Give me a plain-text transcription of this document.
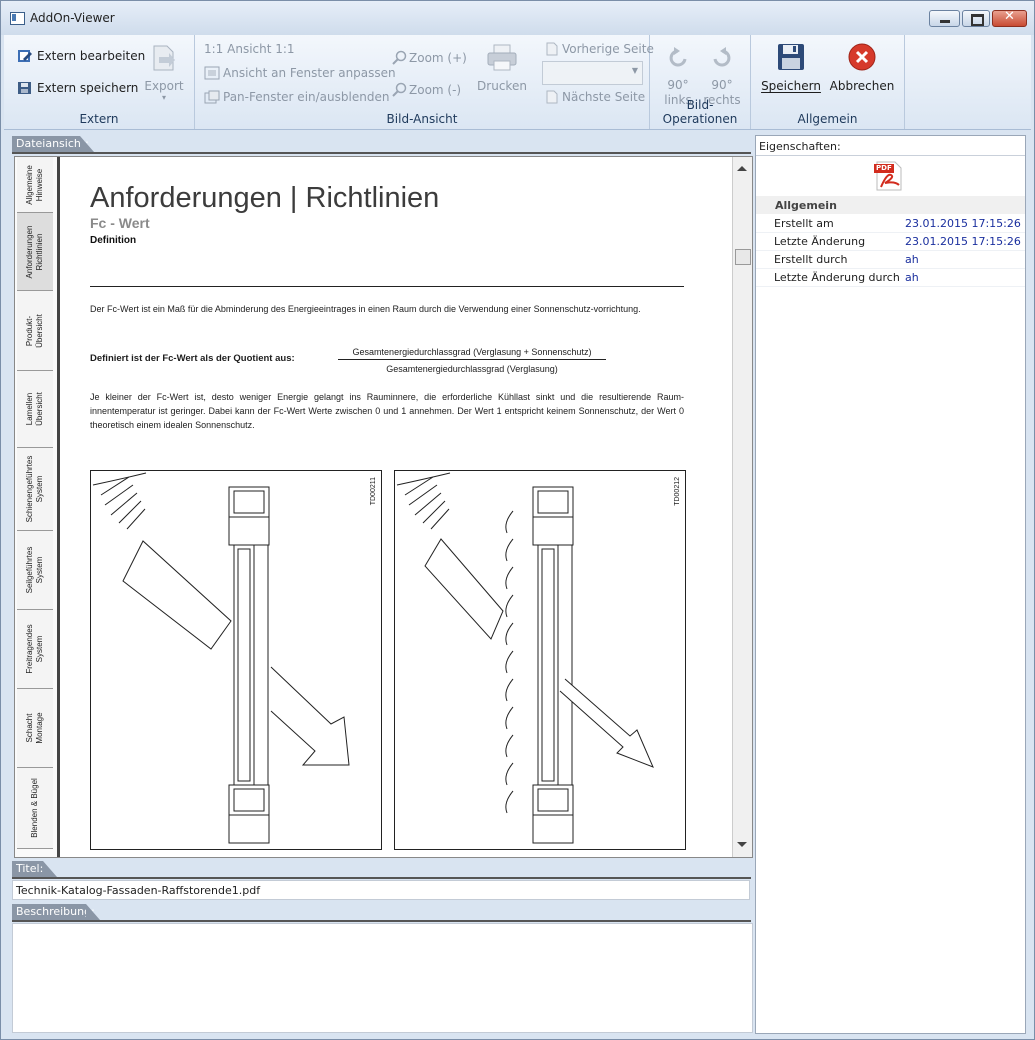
AddOn-Viewer	✕
Extern bearbeiten
Extern speichern Export
▾
Extern
1:1 Ansicht 1:1
Ansicht an Fenster anpassen
Pan-Fenster ein/ausblenden
Zoom (+)
Zoom (-) Drucken
Vorherige Seite
▼
Nächste Seite
Bild-Ansicht
90°
links
90°
rechts
Bild-Operationen
Speichern Abbrechen
Allgemein
Dateiansicht:
Allgemeine
Hinweise
Anforderungen
Richtlinien
Produkt-
Übersicht
Lamellen
Übersicht
Schienengeführtes
System
Seilgeführtes
System
Freitragendes
System
Schacht
Montage
Blenden & Bügel
Anforderungen | Richtlinien
Fc - Wert
Definition
Der Fc-Wert ist ein Maß für die Abminderung des Energieeintrages in einen Raum durch die Verwendung einer Sonnenschutz-vorrichtung.
Definiert ist der Fc-Wert als der Quotient aus:
Gesamtenergiedurchlassgrad (Verglasung + Sonnenschutz)
Gesamtenergiedurchlassgrad (Verglasung)
Je kleiner der Fc-Wert ist, desto weniger Energie gelangt ins Rauminnere, die erforderliche Kühllast sinkt und die resultierende Raum-innentemperatur ist geringer. Dabei kann der Fc-Wert Werte zwischen 0 und 1 annehmen. Der Wert 1 entspricht keinem Sonnenschutz, der Wert 0 theoretisch einem idealen Sonnenschutz.
TD00211	TD00212
Titel:
Technik-Katalog-Fassaden-Raffstorende1.pdf
Beschreibung:
Eigenschaften:
PDF
Allgemein
Erstellt am	23.01.2015 17:15:26
Letzte Änderung	23.01.2015 17:15:26
Erstellt durch	ah
Letzte Änderung durch ah
